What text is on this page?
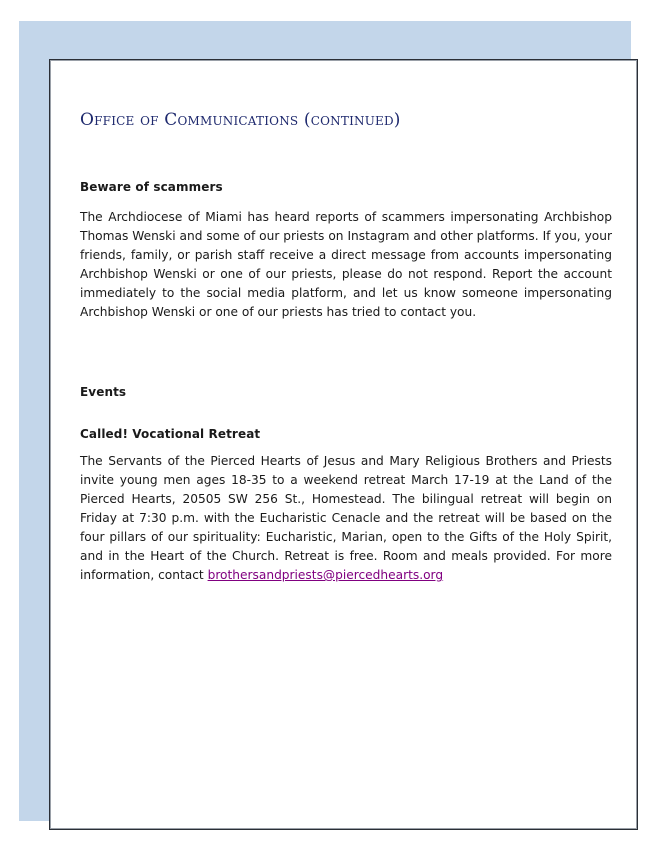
Office of Communications (continued)
Beware of scammers

The Archdiocese of Miami has heard reports of scammers impersonating Archbishop Thomas Wenski and some of our priests on Instagram and other platforms. If you, your friends, family, or parish staff receive a direct message from accounts impersonating Archbishop Wenski or one of our priests, please do not respond. Report the account immediately to the social media platform, and let us know someone impersonating Archbishop Wenski or one of our priests has tried to contact you.

Events
Called! Vocational Retreat

The Servants of the Pierced Hearts of Jesus and Mary Religious Brothers and Priests invite young men ages 18-35 to a weekend retreat March 17-19 at the Land of the Pierced Hearts, 20505 SW 256 St., Homestead. The bilingual retreat will begin on Friday at 7:30 p.m. with the Eucharistic Cenacle and the retreat will be based on the four pillars of our spirituality: Eucharistic, Marian, open to the Gifts of the Holy Spirit, and in the Heart of the Church. Retreat is free. Room and meals provided. For more information, contact brothersandpriests@piercedhearts.org
